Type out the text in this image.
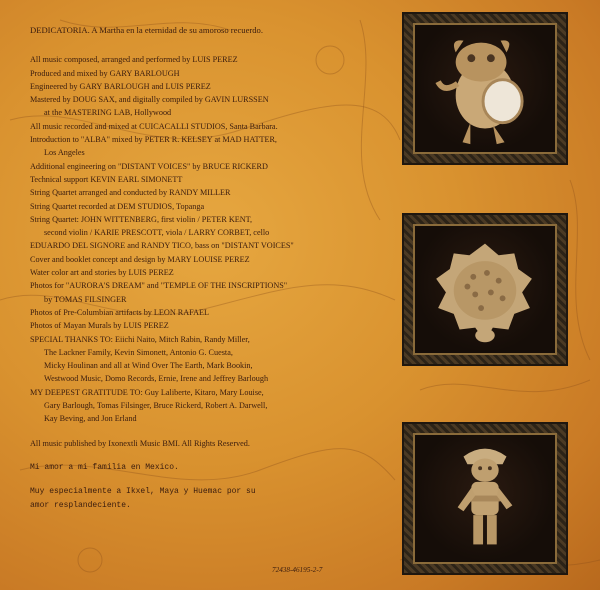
DEDICATORIA. A Martha en la eternidad de su amoroso recuerdo.
All music composed, arranged and performed by LUIS PEREZ
Produced and mixed by GARY BARLOUGH
Engineered by GARY BARLOUGH and LUIS PEREZ
Mastered by DOUG SAX, and digitally compiled by GAVIN LURSSEN
at the MASTERING LAB, Hollywood
All music recorded and mixed at CUICACALLI STUDIOS, Santa Barbara.
Introduction to "ALBA" mixed by PETER R. KELSEY at MAD HATTER,
Los Angeles
Additional engineering on "DISTANT VOICES" by BRUCE RICKERD
Technical support KEVIN EARL SIMONETT
String Quartet arranged and conducted by RANDY MILLER
String Quartet recorded at DEM STUDIOS, Topanga
String Quartet: JOHN WITTENBERG, first violin / PETER KENT,
second violin / KARIE PRESCOTT, viola / LARRY CORBET, cello
EDUARDO DEL SIGNORE and RANDY TICO, bass on "DISTANT VOICES"
Cover and booklet concept and design by MARY LOUISE PEREZ
Water color art and stories by LUIS PEREZ
Photos for "AURORA'S DREAM" and "TEMPLE OF THE INSCRIPTIONS"
by TOMAS FILSINGER
Photos of Pre-Columbian artifacts by LEON RAFAEL
Photos of Mayan Murals by LUIS PEREZ
SPECIAL THANKS TO: Eiichi Naito, Mitch Rabin, Randy Miller,
The Lackner Family, Kevin Simonett, Antonio G. Cuesta,
Micky Houlinan and all at Wind Over The Earth, Mark Bookin,
Westwood Music, Domo Records, Ernie, Irene and Jeffrey Barlough
MY DEEPEST GRATITUDE TO: Guy Laliberte, Kitaro, Mary Louise,
Gary Barlough, Tomas Filsinger, Bruce Rickerd, Robert A. Darwell,
Kay Beving, and Jon Erland
All music published by Ixonextli Music BMI. All Rights Reserved.
Mi amor a mi familia en Mexico.
Muy especialmente a Ikxel, Maya y Huemac por su
amor resplandeciente.
72438-46195-2-7
